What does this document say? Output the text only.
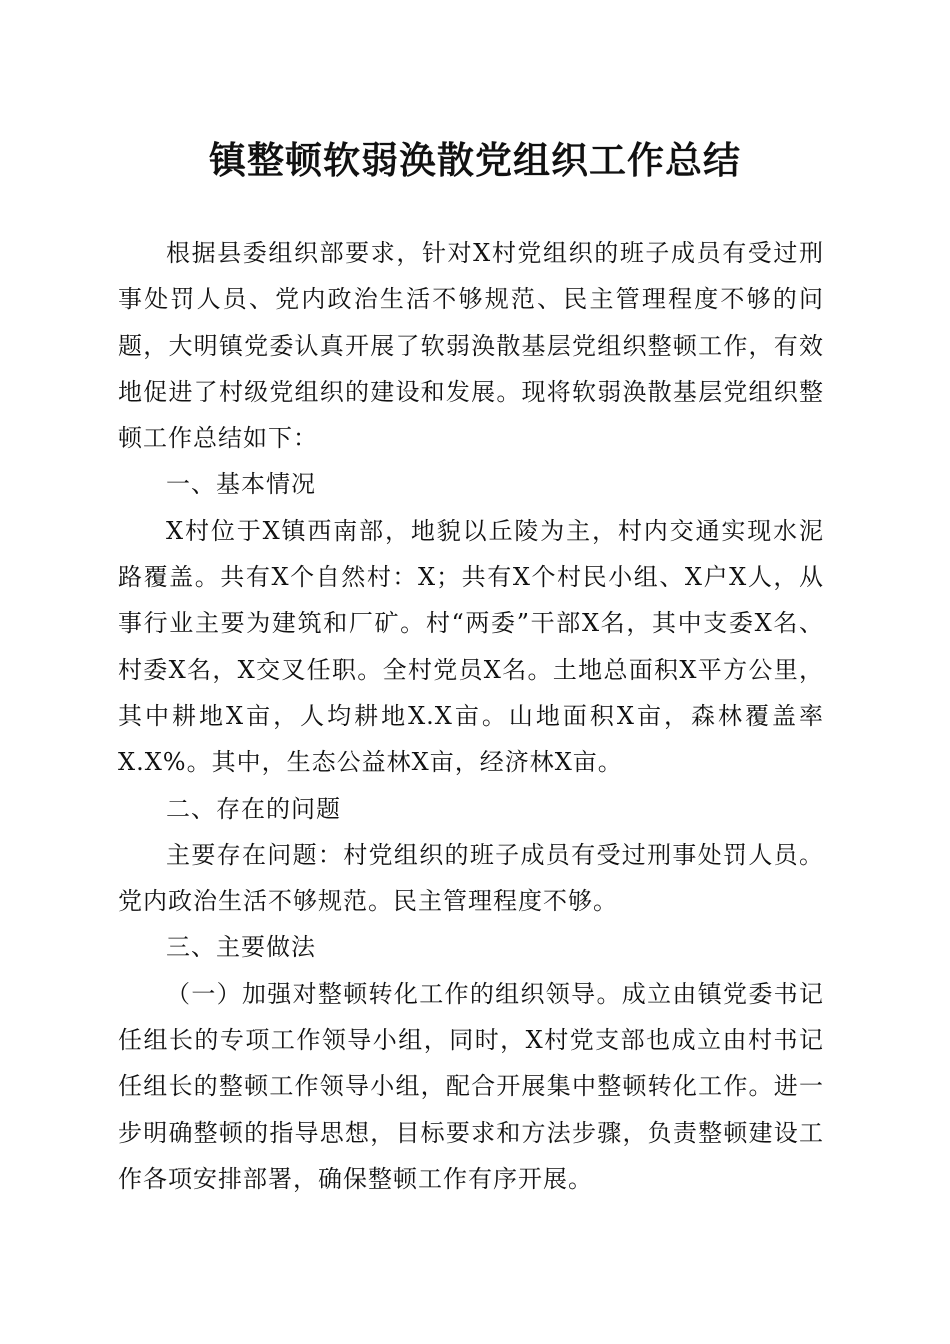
镇整顿软弱涣散党组织工作总结

根据县委组织部要求，针对X村党组织的班子成员有受过刑事处罚人员、党内政治生活不够规范、民主管理程度不够的问题，大明镇党委认真开展了软弱涣散基层党组织整顿工作，有效地促进了村级党组织的建设和发展。现将软弱涣散基层党组织整顿工作总结如下：

一、基本情况

X村位于X镇西南部，地貌以丘陵为主，村内交通实现水泥路覆盖。共有X个自然村：X；共有X个村民小组、X户X人，从事行业主要为建筑和厂矿。村“两委”干部X名，其中支委X名、村委X名，X交叉任职。全村党员X名。土地总面积X平方公里，其中耕地X亩，人均耕地X.X亩。山地面积X亩，森林覆盖率X.X%。其中，生态公益林X亩，经济林X亩。

二、存在的问题

主要存在问题：村党组织的班子成员有受过刑事处罚人员。党内政治生活不够规范。民主管理程度不够。

三、主要做法

（一）加强对整顿转化工作的组织领导。成立由镇党委书记任组长的专项工作领导小组，同时，X村党支部也成立由村书记任组长的整顿工作领导小组，配合开展集中整顿转化工作。进一步明确整顿的指导思想，目标要求和方法步骤，负责整顿建设工作各项安排部署，确保整顿工作有序开展。
